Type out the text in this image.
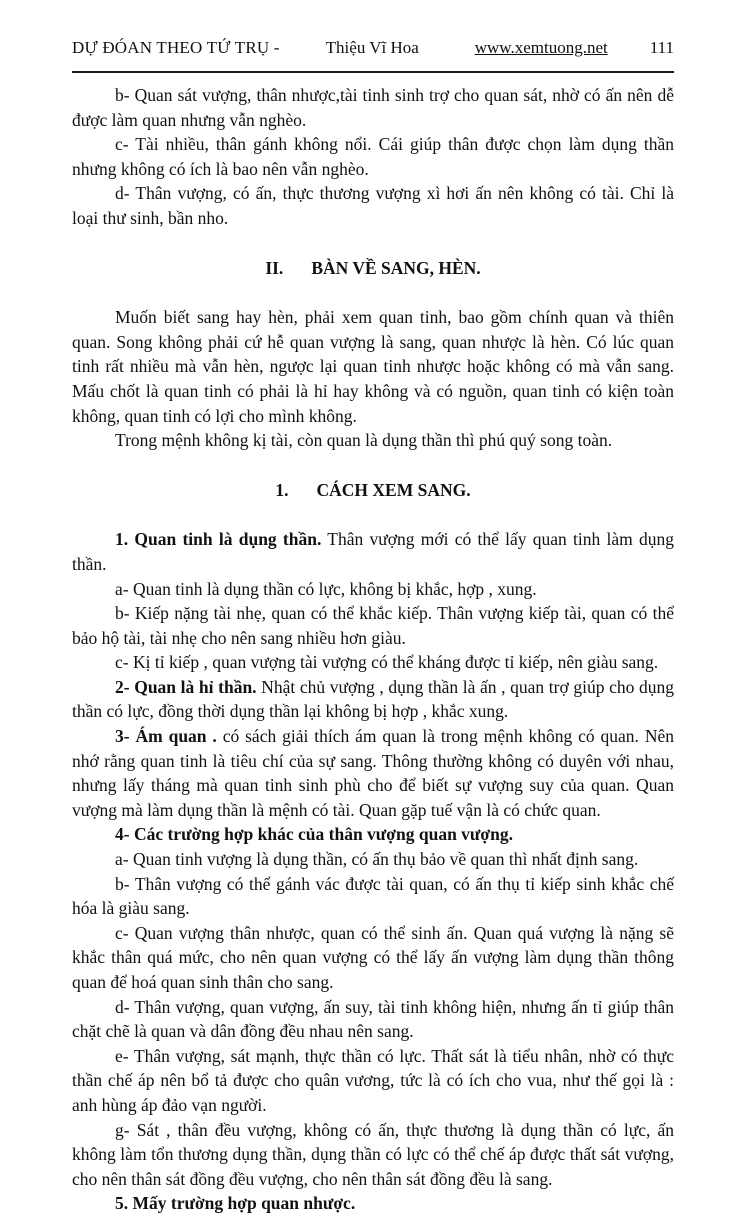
DỰ ĐÓAN THEO TỨ TRỤ -	Thiệu Vĩ Hoa	www.xemtuong.net 111

b- Quan sát vượng, thân nhược,tài tinh sinh trợ cho quan sát, nhờ có ấn nên dễ được làm quan nhưng vẫn nghèo.

c- Tài nhiều, thân gánh không nổi. Cái giúp thân được chọn làm dụng thần nhưng không có ích là bao nên vẫn nghèo.

d- Thân vượng, có ấn, thực thương vượng xì hơi ấn nên không có tài. Chỉ là loại thư sinh, bần nho.

II. BÀN VỀ SANG, HÈN.

Muốn biết sang hay hèn, phải xem quan tinh, bao gồm chính quan và thiên quan. Song không phải cứ hễ quan vượng là sang, quan nhược là hèn. Có lúc quan tinh rất nhiều mà vẫn hèn, ngược lại quan tinh nhược hoặc không có mà vẫn sang. Mấu chốt là quan tinh có phải là hỉ hay không và có nguồn, quan tinh có kiện toàn không, quan tinh có lợi cho mình không.

Trong mệnh không kị tài, còn quan là dụng thần thì phú quý song toàn.

1. CÁCH XEM SANG.

1. Quan tinh là dụng thần. Thân vượng mới có thể lấy quan tinh làm dụng thần.

a- Quan tinh là dụng thần có lực, không bị khắc, hợp , xung.

b- Kiếp nặng tài nhẹ, quan có thể khắc kiếp. Thân vượng kiếp tài, quan có thể bảo hộ tài, tài nhẹ cho nên sang nhiều hơn giàu.

c- Kị tỉ kiếp , quan vượng tài vượng có thể kháng được tỉ kiếp, nên giàu sang.

2- Quan là hỉ thần. Nhật chủ vượng , dụng thần là ấn , quan trợ giúp cho dụng thần có lực, đồng thời dụng thần lại không bị hợp , khắc xung.

3- Ám quan . có sách giải thích ám quan là trong mệnh không có quan. Nên nhớ rằng quan tinh là tiêu chí của sự sang. Thông thường không có duyên với nhau, nhưng lấy tháng mà quan tinh sinh phù cho để biết sự vượng suy của quan. Quan vượng mà làm dụng thần là mệnh có tài. Quan gặp tuế vận là có chức quan.

4- Các trường hợp khác của thân vượng quan vượng.

a- Quan tinh vượng là dụng thần, có ấn thụ bảo về quan thì nhất định sang.

b- Thân vượng có thể gánh vác được tài quan, có ấn thụ tỉ kiếp sinh khắc chế hóa là giàu sang.

c- Quan vượng thân nhược, quan có thể sinh ấn. Quan quá vượng là nặng sẽ khắc thân quá mức, cho nên quan vượng có thể lấy ấn vượng làm dụng thần thông quan để hoá quan sinh thân cho sang.

d- Thân vượng, quan vượng, ấn suy, tài tinh không hiện, nhưng ấn tỉ giúp thân chặt chẽ là quan và dân đồng đều nhau nên sang.

e- Thân vượng, sát mạnh, thực thần có lực. Thất sát là tiểu nhân, nhờ có thực thần chế áp nên bổ tả được cho quân vương, tức là có ích cho vua, như thế gọi là : anh hùng áp đảo vạn người.

g- Sát , thân đều vượng, không có ấn, thực thương là dụng thần có lực, ấn không làm tổn thương dụng thần, dụng thần có lực có thể chế áp được thất sát vượng, cho nên thân sát đồng đều vượng, cho nên thân sát đồng đều là sang.

5. Mấy trường hợp quan nhược.
